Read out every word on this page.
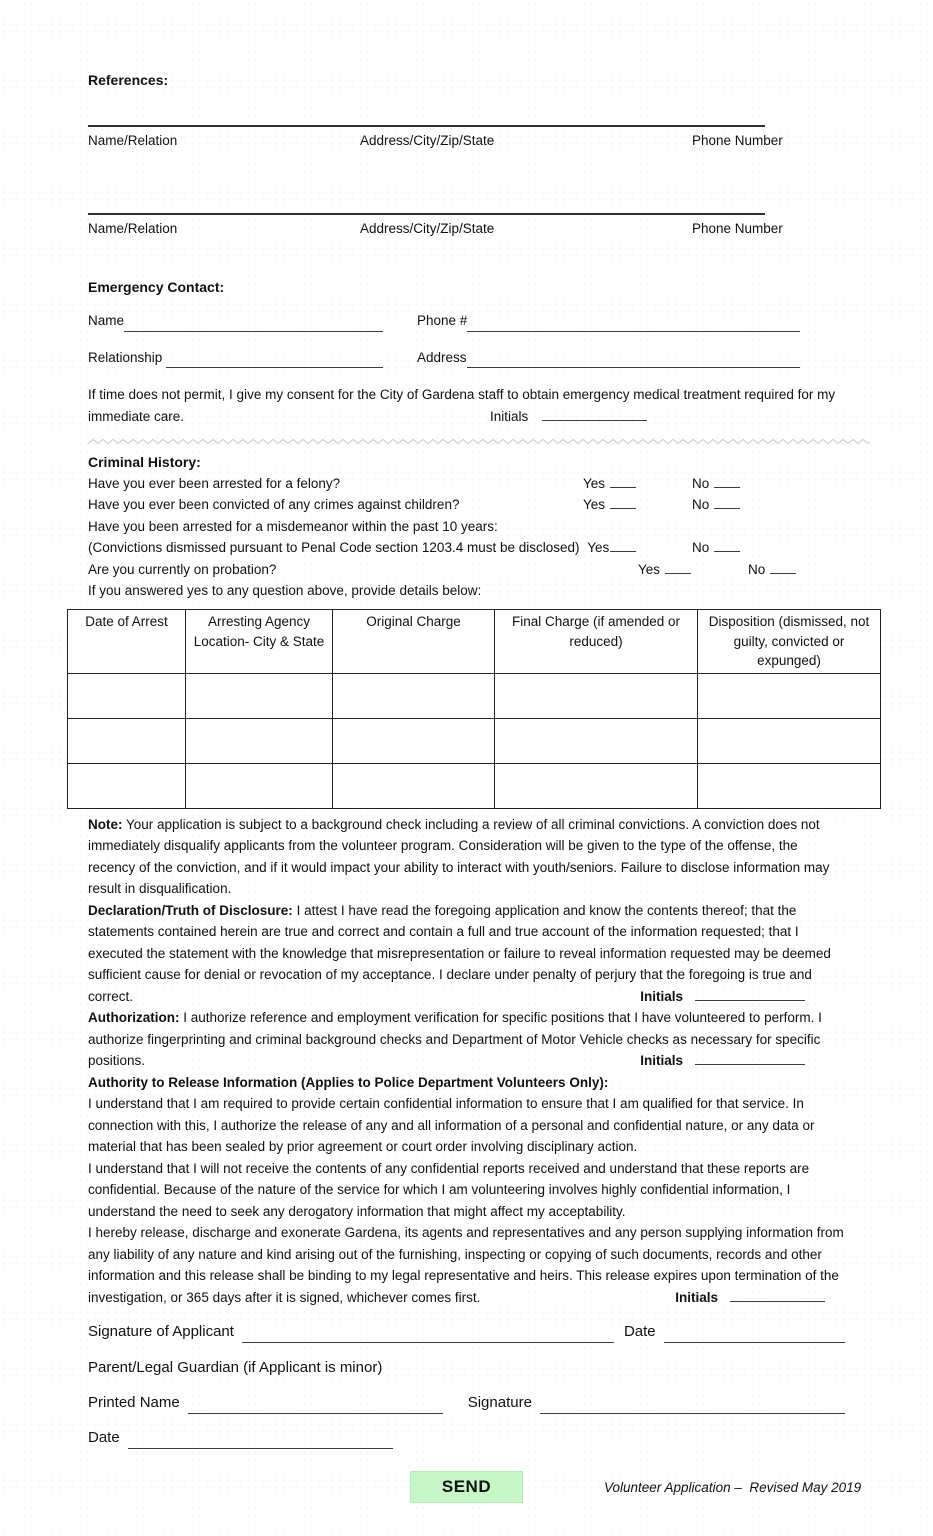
References:
Name/Relation	Address/City/Zip/State	Phone Number
Name/Relation	Address/City/Zip/State	Phone Number
Emergency Contact:
Name	Phone #
Relationship	Address

If time does not permit, I give my consent for the City of Gardena staff to obtain emergency medical treatment required for my immediate care.	Initials
Criminal History:
Have you ever been arrested for a felony?	Yes	No
Have you ever been convicted of any crimes against children?	Yes	No
Have you been arrested for a misdemeanor within the past 10 years:
(Convictions dismissed pursuant to Penal Code section 1203.4 must be disclosed) Yes	No
Are you currently on probation?	Yes	No
If you answered yes to any question above, provide details below:
Date of Arrest	Arresting Agency Location- City & State	Original Charge	Final Charge (if amended or reduced)	Disposition (dismissed, not guilty, convicted or expunged)

Note: Your application is subject to a background check including a review of all criminal convictions. A conviction does not immediately disqualify applicants from the volunteer program. Consideration will be given to the type of the offense, the recency of the conviction, and if it would impact your ability to interact with youth/seniors. Failure to disclose information may result in disqualification.

Declaration/Truth of Disclosure: I attest I have read the foregoing application and know the contents thereof; that the statements contained herein are true and correct and contain a full and true account of the information requested; that I executed the statement with the knowledge that misrepresentation or failure to reveal information requested may be deemed sufficient cause for denial or revocation of my acceptance. I declare under penalty of perjury that the foregoing is true and correct.	Initials

Authorization: I authorize reference and employment verification for specific positions that I have volunteered to perform. I authorize fingerprinting and criminal background checks and Department of Motor Vehicle checks as necessary for specific positions.	Initials

Authority to Release Information (Applies to Police Department Volunteers Only):

I understand that I am required to provide certain confidential information to ensure that I am qualified for that service. In connection with this, I authorize the release of any and all information of a personal and confidential nature, or any data or material that has been sealed by prior agreement or court order involving disciplinary action.

I understand that I will not receive the contents of any confidential reports received and understand that these reports are confidential. Because of the nature of the service for which I am volunteering involves highly confidential information, I understand the need to seek any derogatory information that might affect my acceptability.

I hereby release, discharge and exonerate Gardena, its agents and representatives and any person supplying information from any liability of any nature and kind arising out of the furnishing, inspecting or copying of such documents, records and other information and this release shall be binding to my legal representative and heirs. This release expires upon termination of the investigation, or 365 days after it is signed, whichever comes first.	Initials

Signature of Applicant	Date
Parent/Legal Guardian (if Applicant is minor)
Printed Name	Signature
Date
SEND	Volunteer Application –  Revised May 2019
